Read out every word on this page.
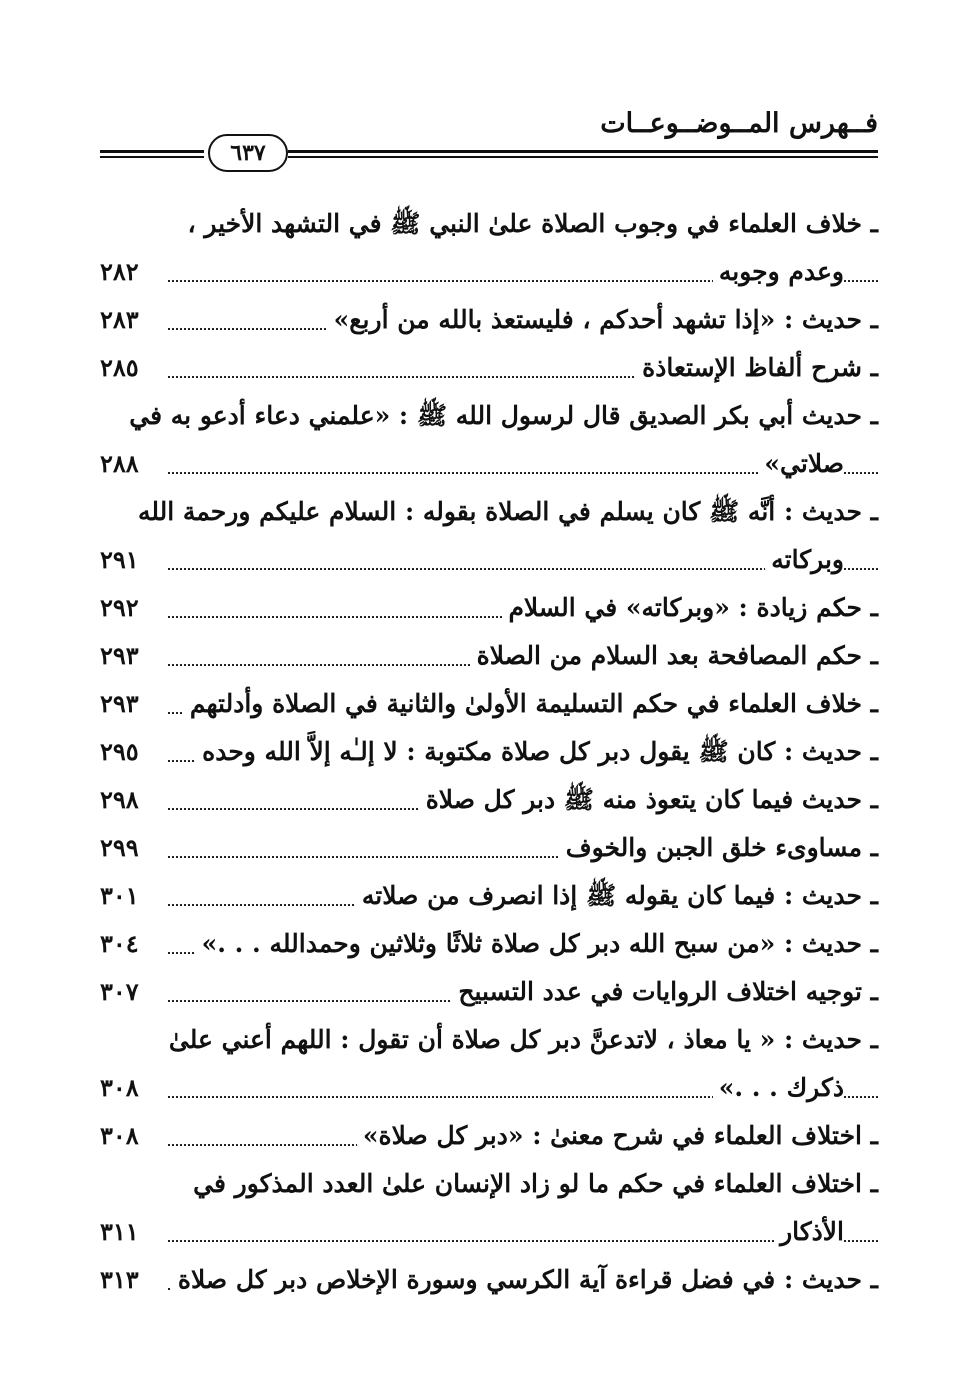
فــهرس المــوضــوعــات
٦٣٧
ـ خلاف العلماء في وجوب الصلاة علىٰ النبي ﷺ في التشهد الأخير ،
وعدم وجوبه
٢٨٢
ـ حديث : «إذا تشهد أحدكم ، فليستعذ بالله من أربع»
٢٨٣
ـ شرح ألفاظ الإستعاذة
٢٨٥
ـ حديث أبي بكر الصديق قال لرسول الله ﷺ : «علمني دعاء أدعو به في
صلاتي»
٢٨٨
ـ حديث : أنَّه ﷺ كان يسلم في الصلاة بقوله : السلام عليكم ورحمة الله
وبركاته
٢٩١
ـ حكم زيادة : «وبركاته» في السلام
٢٩٢
ـ حكم المصافحة بعد السلام من الصلاة
٢٩٣
ـ خلاف العلماء في حكم التسليمة الأولىٰ والثانية في الصلاة وأدلتهم
٢٩٣
ـ حديث : كان ﷺ يقول دبر كل صلاة مكتوبة : لا إلـٰه إلاَّ الله وحده
٢٩٥
ـ حديث فيما كان يتعوذ منه ﷺ دبر كل صلاة
٢٩٨
ـ مساوىء خلق الجبن والخوف
٢٩٩
ـ حديث : فيما كان يقوله ﷺ إذا انصرف من صلاته
٣٠١
ـ حديث : «من سبح الله دبر كل صلاة ثلاثًا وثلاثين وحمدالله . . .»
٣٠٤
ـ توجيه اختلاف الروايات في عدد التسبيح
٣٠٧
ـ حديث : « يا معاذ ، لاتدعنَّ دبر كل صلاة أن تقول : اللهم أعني علىٰ
ذكرك . . .»
٣٠٨
ـ اختلاف العلماء في شرح معنىٰ : «دبر كل صلاة»
٣٠٨
ـ اختلاف العلماء في حكم ما لو زاد الإنسان علىٰ العدد المذكور في
الأذكار
٣١١
ـ حديث : في فضل قراءة آية الكرسي وسورة الإخلاص دبر كل صلاة
٣١٣
